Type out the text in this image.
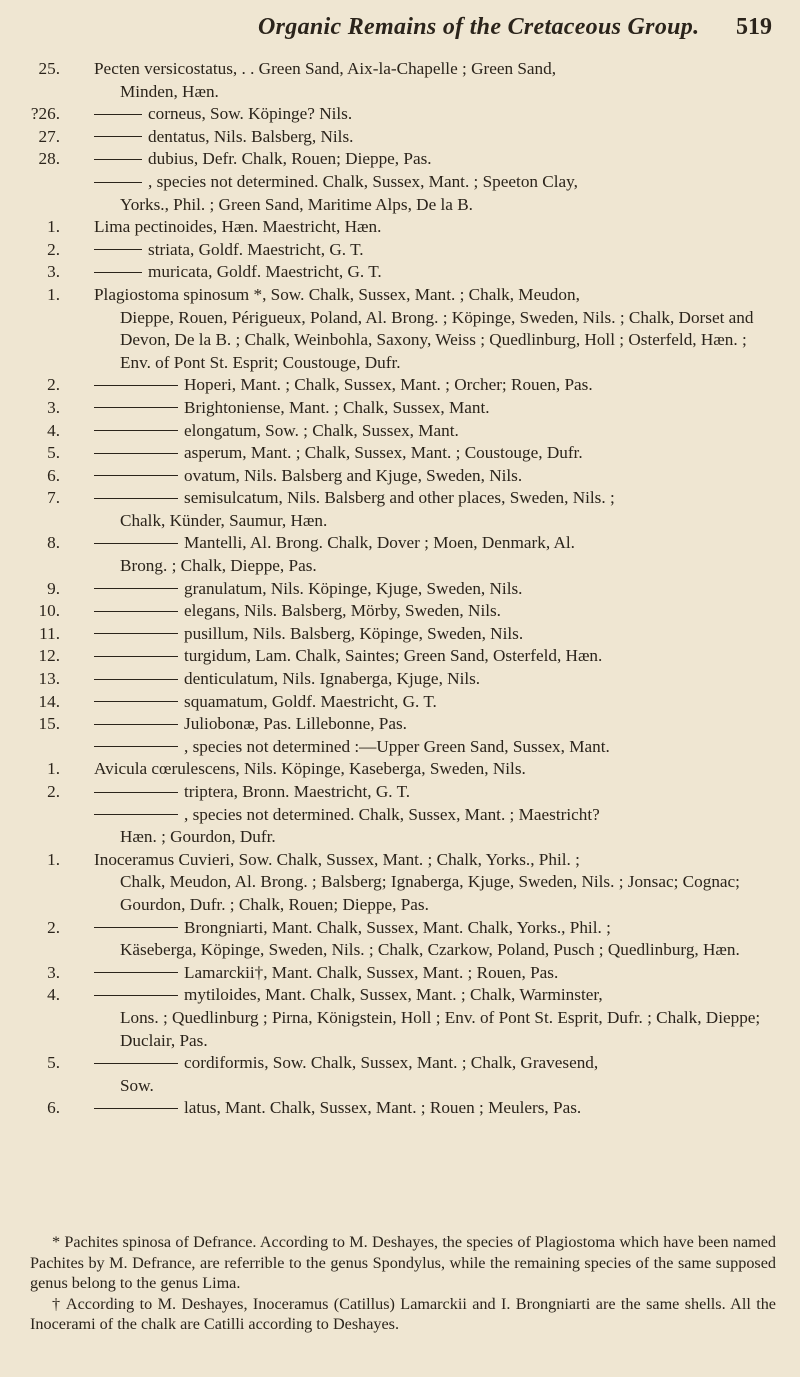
Organic Remains of the Cretaceous Group. 519
25. Pecten versicostatus, . . Green Sand, Aix-la-Chapelle ; Green Sand,
Minden, Hæn.
?26.	corneus, Sow. Köpinge? Nils.
27.	dentatus, Nils. Balsberg, Nils.
28.	dubius, Defr. Chalk, Rouen; Dieppe, Pas.
, species not determined. Chalk, Sussex, Mant. ; Speeton Clay,
Yorks., Phil. ; Green Sand, Maritime Alps, De la B.
1. Lima pectinoides, Hæn. Maestricht, Hæn.
2.	striata, Goldf. Maestricht, G. T.
3.	muricata, Goldf. Maestricht, G. T.
1. Plagiostoma spinosum *, Sow. Chalk, Sussex, Mant. ; Chalk, Meudon,
Dieppe, Rouen, Périgueux, Poland, Al. Brong. ; Köpinge, Sweden, Nils. ; Chalk, Dorset and Devon, De la B. ; Chalk, Weinbohla, Saxony, Weiss ; Quedlinburg, Holl ; Osterfeld, Hæn. ; Env. of Pont St. Esprit; Coustouge, Dufr.
2.	Hoperi, Mant. ; Chalk, Sussex, Mant. ; Orcher; Rouen, Pas.
3.	Brightoniense, Mant. ; Chalk, Sussex, Mant.
4.	elongatum, Sow. ; Chalk, Sussex, Mant.
5.	asperum, Mant. ; Chalk, Sussex, Mant. ; Coustouge, Dufr.
6.	ovatum, Nils. Balsberg and Kjuge, Sweden, Nils.
7.	semisulcatum, Nils. Balsberg and other places, Sweden, Nils. ;
Chalk, Künder, Saumur, Hæn.
8.	Mantelli, Al. Brong. Chalk, Dover ; Moen, Denmark, Al.
Brong. ; Chalk, Dieppe, Pas.
9.	granulatum, Nils. Köpinge, Kjuge, Sweden, Nils.
10.	elegans, Nils. Balsberg, Mörby, Sweden, Nils.
11.	pusillum, Nils. Balsberg, Köpinge, Sweden, Nils.
12.	turgidum, Lam. Chalk, Saintes; Green Sand, Osterfeld, Hæn.
13.	denticulatum, Nils. Ignaberga, Kjuge, Nils.
14.	squamatum, Goldf. Maestricht, G. T.
15.	Juliobonæ, Pas. Lillebonne, Pas.
, species not determined :—Upper Green Sand, Sussex, Mant.
1. Avicula cœrulescens, Nils. Köpinge, Kaseberga, Sweden, Nils.
2.	triptera, Bronn. Maestricht, G. T.
, species not determined. Chalk, Sussex, Mant. ; Maestricht?
Hæn. ; Gourdon, Dufr.
1. Inoceramus Cuvieri, Sow. Chalk, Sussex, Mant. ; Chalk, Yorks., Phil. ;
Chalk, Meudon, Al. Brong. ; Balsberg; Ignaberga, Kjuge, Sweden, Nils. ; Jonsac; Cognac; Gourdon, Dufr. ; Chalk, Rouen; Dieppe, Pas.
2.	Brongniarti, Mant. Chalk, Sussex, Mant. Chalk, Yorks., Phil. ;
Käseberga, Köpinge, Sweden, Nils. ; Chalk, Czarkow, Poland, Pusch ; Quedlinburg, Hæn.
3.	Lamarckii†, Mant. Chalk, Sussex, Mant. ; Rouen, Pas.
4.	mytiloides, Mant. Chalk, Sussex, Mant. ; Chalk, Warminster,
Lons. ; Quedlinburg ; Pirna, Königstein, Holl ; Env. of Pont St. Esprit, Dufr. ; Chalk, Dieppe; Duclair, Pas.
5.	cordiformis, Sow. Chalk, Sussex, Mant. ; Chalk, Gravesend,
Sow.
6.	latus, Mant. Chalk, Sussex, Mant. ; Rouen ; Meulers, Pas.

* Pachites spinosa of Defrance. According to M. Deshayes, the species of Plagiostoma which have been named Pachites by M. Defrance, are referrible to the genus Spondylus, while the remaining species of the same supposed genus belong to the genus Lima.

† According to M. Deshayes, Inoceramus (Catillus) Lamarckii and I. Brongniarti are the same shells. All the Inocerami of the chalk are Catilli according to Deshayes.
